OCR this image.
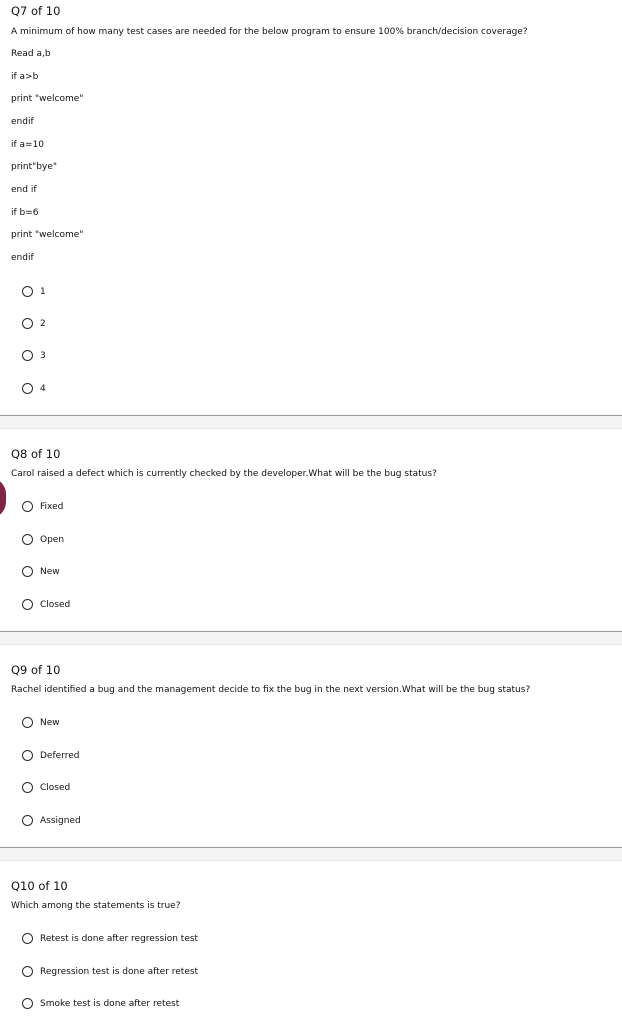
Q7 of 10
A minimum of how many test cases are needed for the below program to ensure 100% branch/decision coverage?
Read a,b
if a>b
print "welcome"
endif
if a=10
print"bye"
end if
if b=6
print "welcome"
endif
1
2
3
4
Q8 of 10
Carol raised a defect which is currently checked by the developer.What will be the bug status?
Fixed
Open
New
Closed
Q9 of 10
Rachel identified a bug and the management decide to fix the bug in the next version.What will be the bug status?
New
Deferred
Closed
Assigned
Q10 of 10
Which among the statements is true?
Retest is done after regression test
Regression test is done after retest
Smoke test is done after retest
